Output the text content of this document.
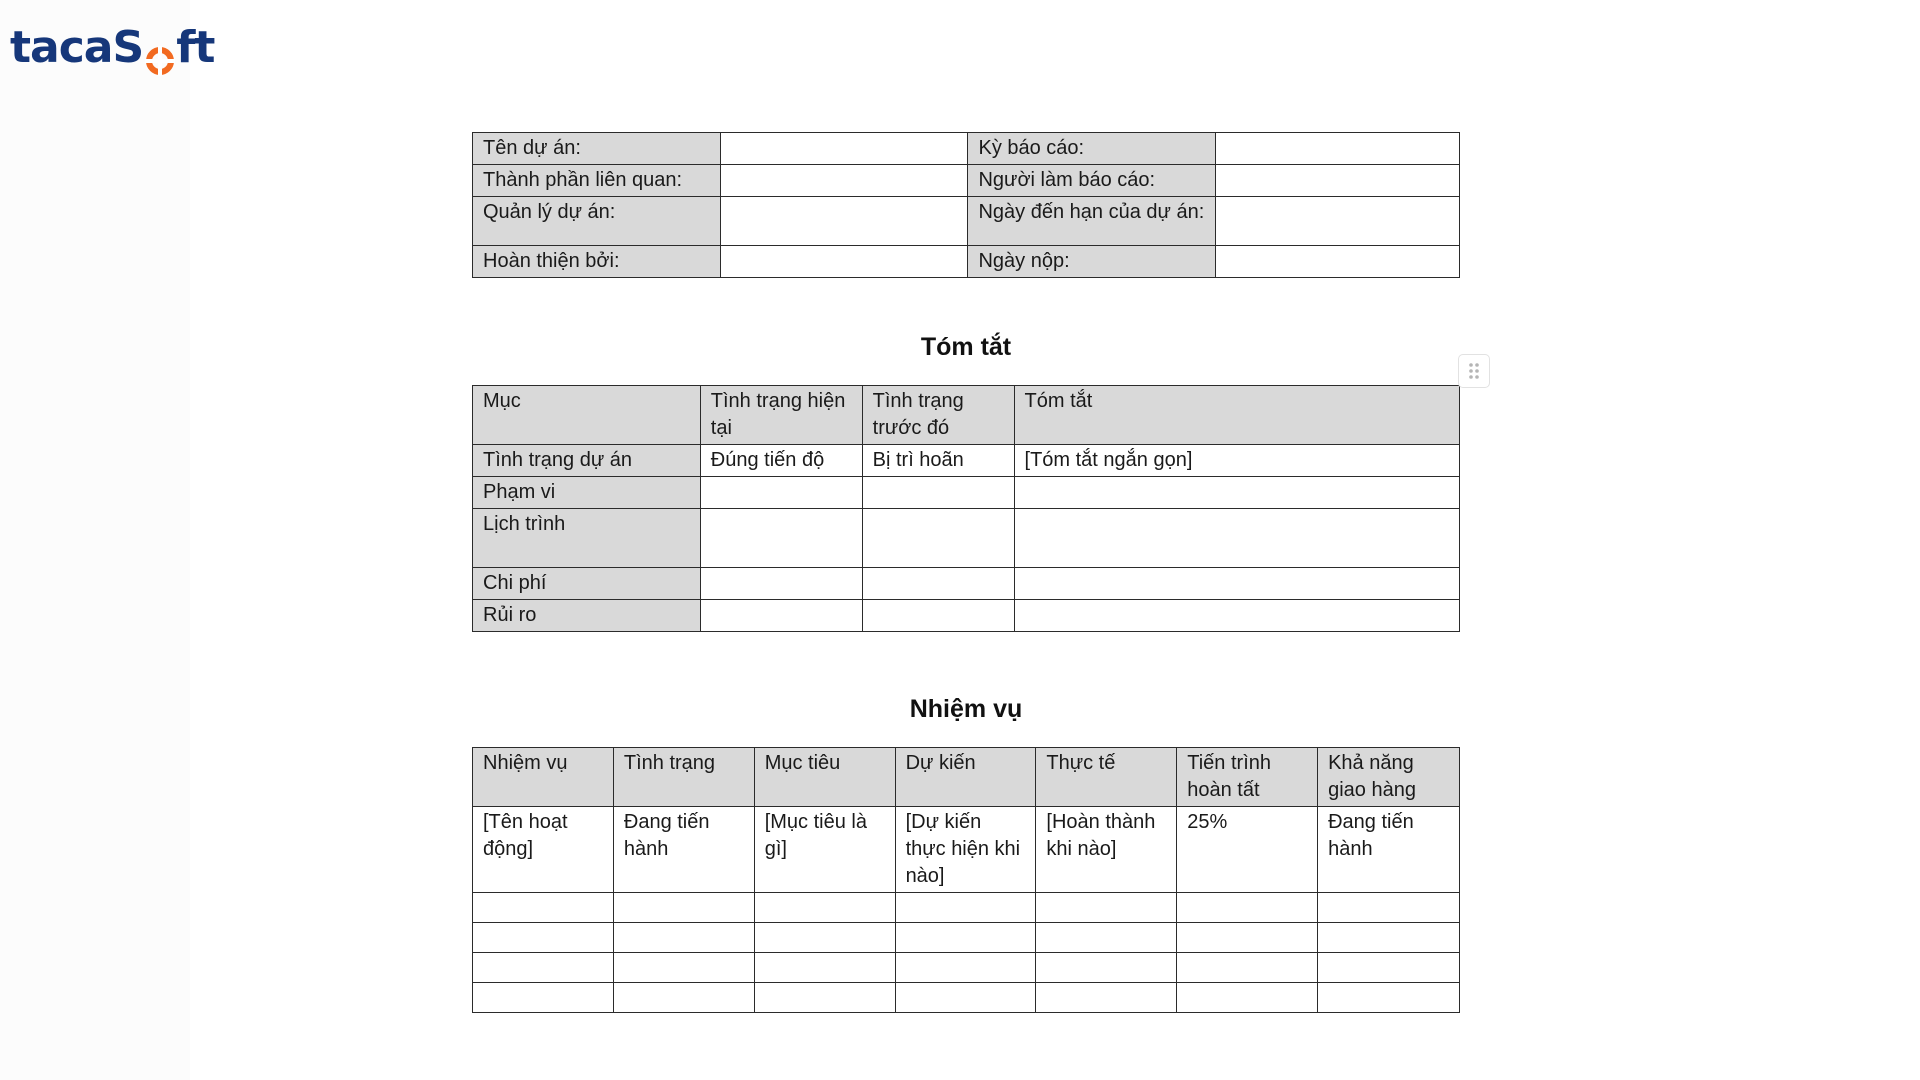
taca S ft
Tên dự án:		Kỳ báo cáo:	
Thành phần liên quan:		Người làm báo cáo:	
Quản lý dự án:		Ngày đến hạn của dự án:	
Hoàn thiện bởi:		Ngày nộp:	
Tóm tắt
Mục	Tình trạng hiện tại	Tình trạng trước đó	Tóm tắt
Tình trạng dự án	Đúng tiến độ	Bị trì hoãn	[Tóm tắt ngắn gọn]
Phạm vi			
Lịch trình			
Chi phí			
Rủi ro			
Nhiệm vụ
Nhiệm vụ	Tình trạng	Mục tiêu	Dự kiến	Thực tế	Tiến trình hoàn tất	Khả năng giao hàng
[Tên hoạt động]	Đang tiến hành	[Mục tiêu là gì]	[Dự kiến thực hiện khi nào]	[Hoàn thành khi nào]	25%	Đang tiến hành
